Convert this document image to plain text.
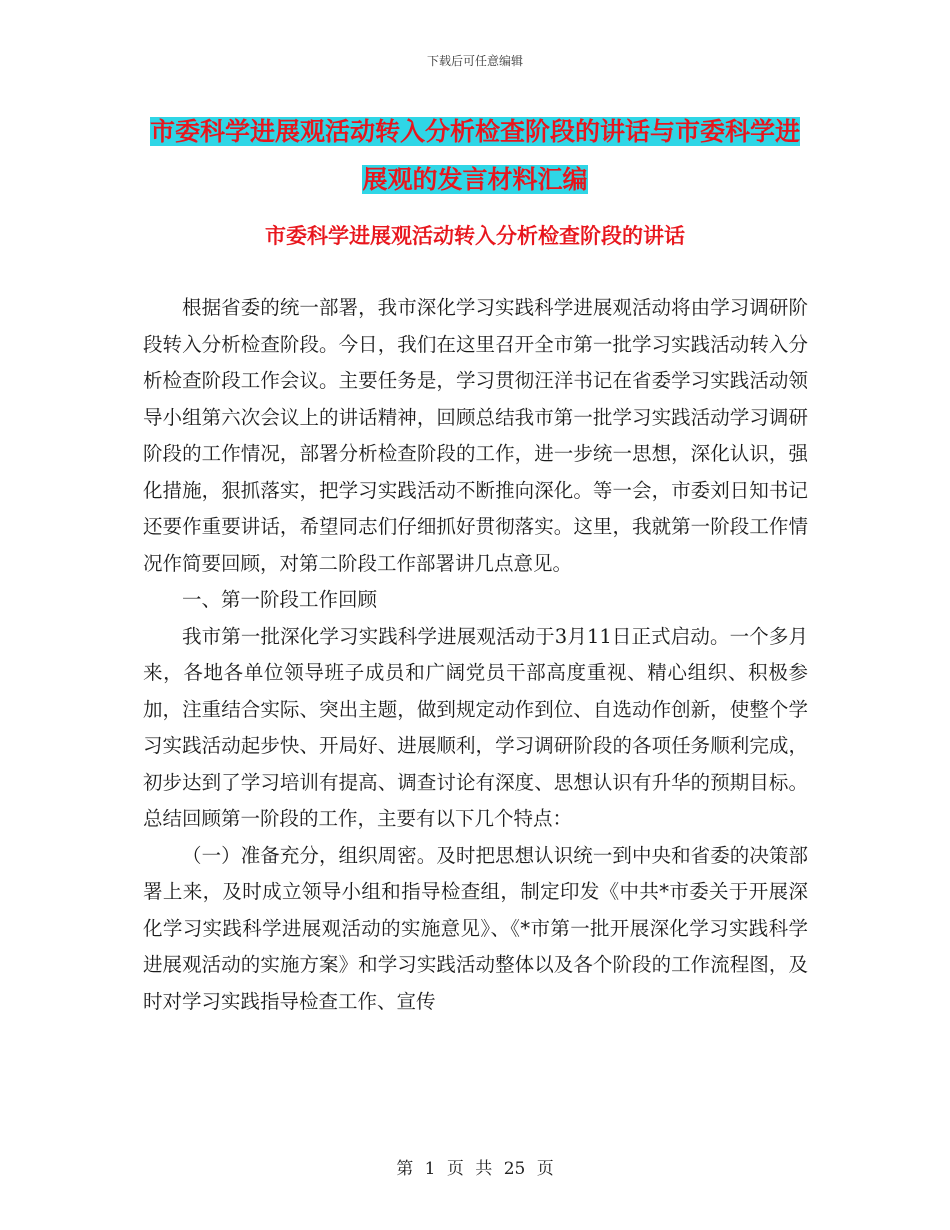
下载后可任意编辑
市委科学进展观活动转入分析检查阶段的讲话与市委科学进展观的发言材料汇编
市委科学进展观活动转入分析检查阶段的讲话

根据省委的统一部署，我市深化学习实践科学进展观活动将由学习调研阶段转入分析检查阶段。今日，我们在这里召开全市第一批学习实践活动转入分析检查阶段工作会议。主要任务是，学习贯彻汪洋书记在省委学习实践活动领导小组第六次会议上的讲话精神，回顾总结我市第一批学习实践活动学习调研阶段的工作情况，部署分析检查阶段的工作，进一步统一思想，深化认识，强化措施，狠抓落实，把学习实践活动不断推向深化。等一会，市委刘日知书记还要作重要讲话，希望同志们仔细抓好贯彻落实。这里，我就第一阶段工作情况作简要回顾，对第二阶段工作部署讲几点意见。

一、第一阶段工作回顾

我市第一批深化学习实践科学进展观活动于3月11日正式启动。一个多月来，各地各单位领导班子成员和广阔党员干部高度重视、精心组织、积极参加，注重结合实际、突出主题，做到规定动作到位、自选动作创新，使整个学习实践活动起步快、开局好、进展顺利，学习调研阶段的各项任务顺利完成，初步达到了学习培训有提高、调查讨论有深度、思想认识有升华的预期目标。总结回顾第一阶段的工作，主要有以下几个特点：

（一）准备充分，组织周密。及时把思想认识统一到中央和省委的决策部署上来，及时成立领导小组和指导检查组，制定印发《中共*市委关于开展深化学习实践科学进展观活动的实施意见》、《*市第一批开展深化学习实践科学进展观活动的实施方案》和学习实践活动整体以及各个阶段的工作流程图，及时对学习实践指导检查工作、宣传

第 1 页 共 25 页
